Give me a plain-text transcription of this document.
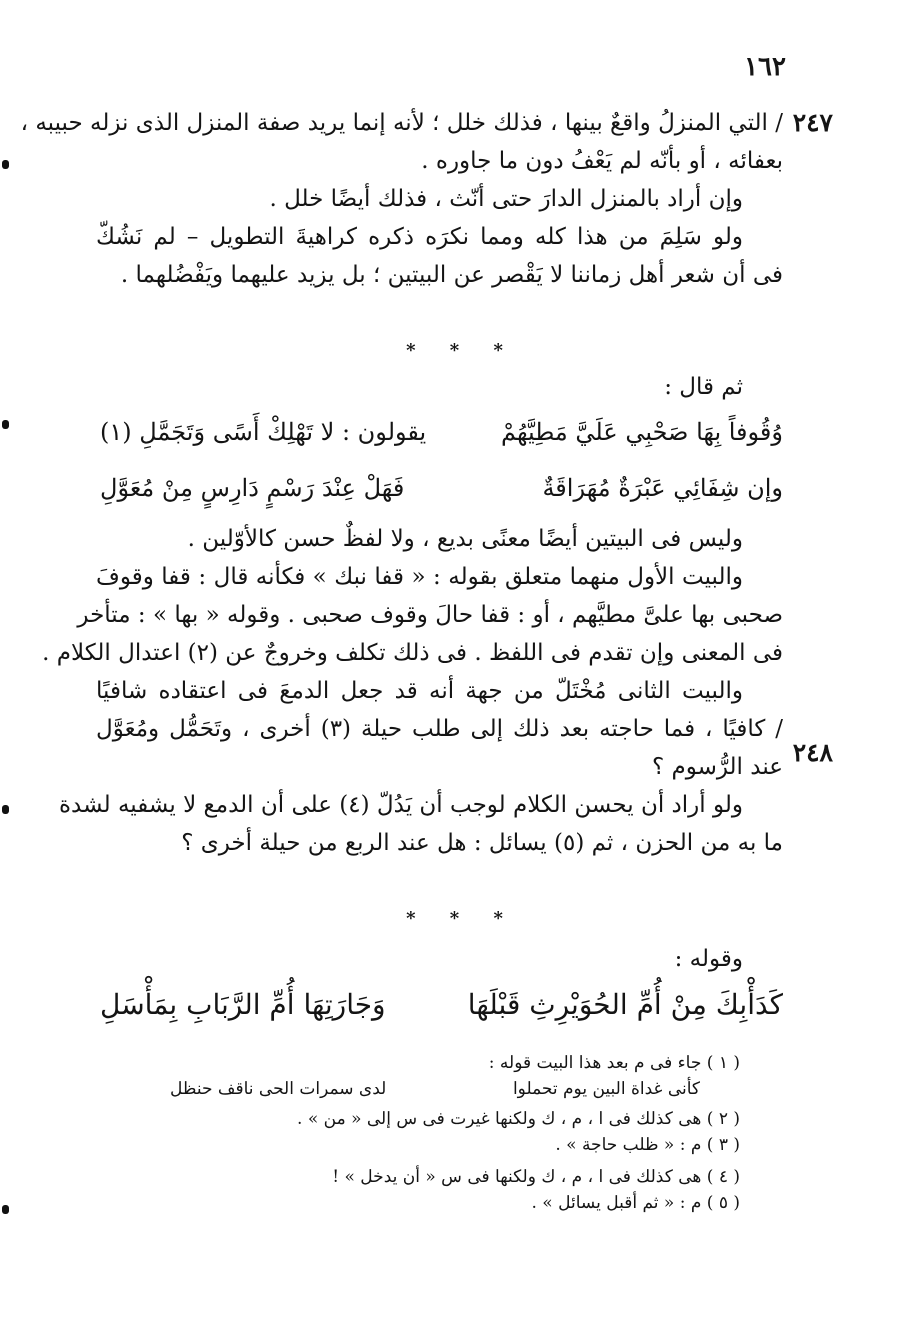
١٦٢
٢٤٧
/ التي المنزلُ واقعٌ بينها ، فذلك خلل ؛ لأنه إنما يريد صفة المنزل الذى نزله حبيبه ،
بعفائه ، أو بأنّه لم يَعْفُ دون ما جاوره .
وإن أراد بالمنزل الدارَ حتى أنّث ، فذلك أيضًا خلل .
ولو سَلِمَ من هذا كله ومما نكرَه ذكره كراهيةَ التطويل – لم نَشُكّ
فى أن شعر أهل زماننا لا يَقْصر عن البيتين ؛ بل يزيد عليهما ويَفْضُلهما .
* * *
ثم قال :
وُقُوفاً بِهَا صَحْبِي عَلَيَّ مَطِيَّهُمْ
يقولون : لا تَهْلِكْ أَسًى وَتَجَمَّلِ (١)
وإن شِفَائِي عَبْرَةٌ مُهَرَاقَةٌ
فَهَلْ عِنْدَ رَسْمٍ دَارِسٍ مِنْ مُعَوَّلِ
٢٤٨
وليس فى البيتين أيضًا معنًى بديع ، ولا لفظٌ حسن كالأوّلين .
والبيت الأول منهما متعلق بقوله : « قفا نبك » فكأنه قال : قفا وقوفَ
صحبى بها علىَّ مطيَّهم ، أو : قفا حالَ وقوف صحبى . وقوله « بها » : متأخر
فى المعنى وإن تقدم فى اللفظ . فى ذلك تكلف وخروجٌ عن (٢) اعتدال الكلام .
والبيت الثانى مُخْتَلّ من جهة أنه قد جعل الدمعَ فى اعتقاده شافيًا
/ كافيًا ، فما حاجته بعد ذلك إلى طلب حيلة (٣) أخرى ، وتَحَمُّل ومُعَوَّل
عند الرُّسوم ؟
ولو أراد أن يحسن الكلام لوجب أن يَدُلّ (٤) على أن الدمع لا يشفيه لشدة
ما به من الحزن ، ثم (٥) يسائل : هل عند الربع من حيلة أخرى ؟
* * *
وقوله :
كَدَأْبِكَ مِنْ أُمِّ الحُوَيْرِثِ قَبْلَهَا
وَجَارَتِهَا أُمِّ الرَّبَابِ بِمَأْسَلِ
( ١ ) جاء فى م بعد هذا البيت قوله :
كأنى غداة البين يوم تحملوا
لدى سمرات الحى ناقف حنظل
( ٢ ) هى كذلك فى ا ، م ، ك ولكنها غيرت فى س إلى « من » .
( ٣ ) م : « ظلب حاجة » .
( ٤ ) هى كذلك فى ا ، م ، ك ولكنها فى س « أن يدخل » !
( ٥ ) م : « ثم أقبل يسائل » .
